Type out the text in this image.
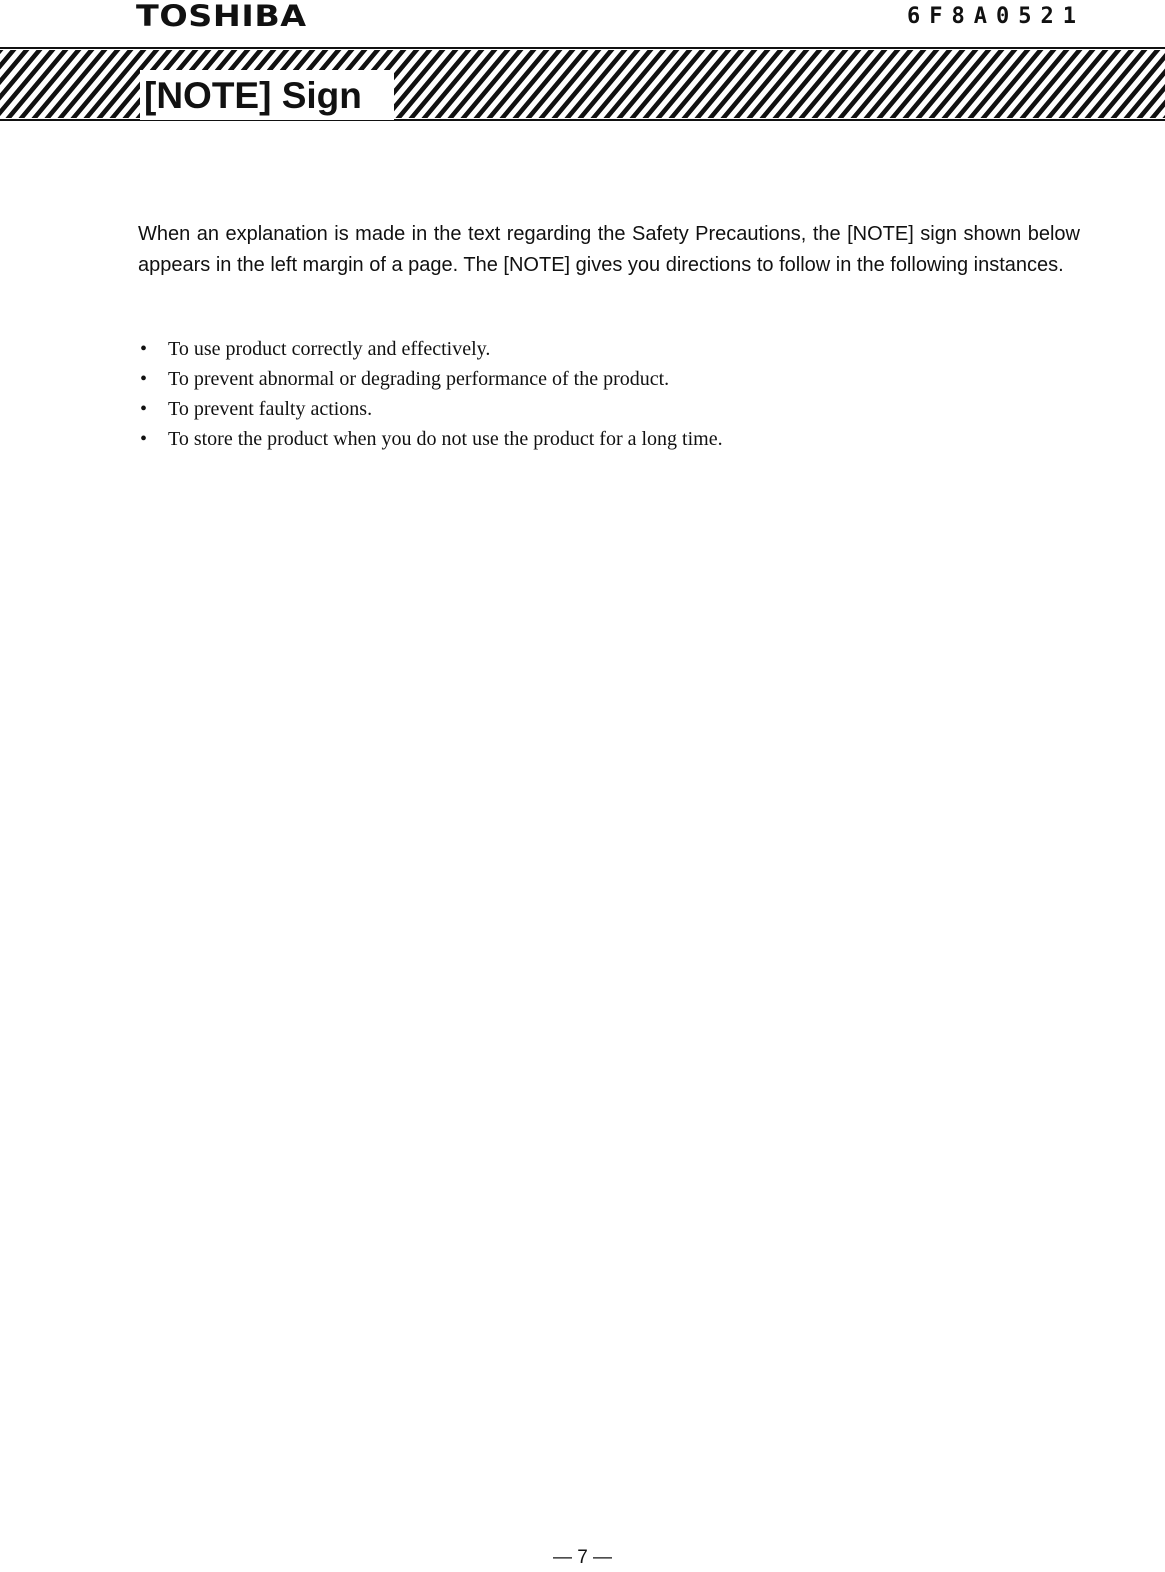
TOSHIBA	6F8A0521
[NOTE] Sign

When an explanation is made in the text regarding the Safety Precautions, the [NOTE] sign shown below appears in the left margin of a page. The [NOTE] gives you directions to follow in the following instances.

• To use product correctly and effectively.
• To prevent abnormal or degrading performance of the product.
• To prevent faulty actions.
• To store the product when you do not use the product for a long time.
— 7 —
